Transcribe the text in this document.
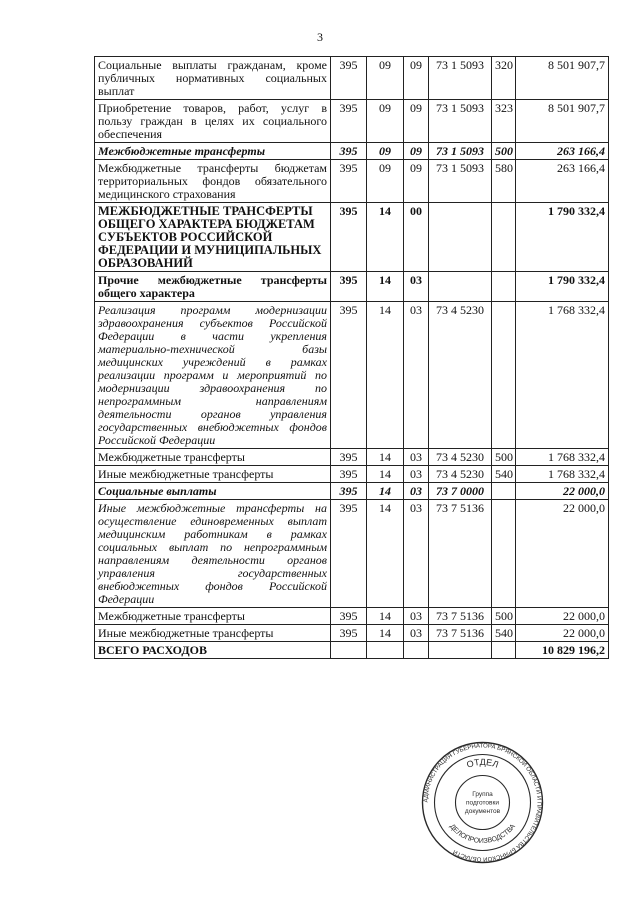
3
Социальные выплаты гражданам, кроме публичных нормативных социальных выплат	395	09	09	73 1 5093	320	8 501 907,7
Приобретение товаров, работ, услуг в пользу граждан в целях их социального обеспечения	395	09	09	73 1 5093	323	8 501 907,7
Межбюджетные трансферты	395	09	09	73 1 5093	500	263 166,4
Межбюджетные трансферты бюджетам территориальных фондов обязательного медицинского страхования	395	09	09	73 1 5093	580	263 166,4
МЕЖБЮДЖЕТНЫЕ ТРАНСФЕРТЫ ОБЩЕГО ХАРАКТЕРА БЮДЖЕТАМ СУБЪЕКТОВ РОССИЙСКОЙ ФЕДЕРАЦИИ И МУНИЦИПАЛЬНЫХ ОБРАЗОВАНИЙ	395	14	00			1 790 332,4
Прочие межбюджетные трансферты общего характера	395	14	03			1 790 332,4
Реализация программ модернизации здравоохранения субъектов Российской Федерации в части укрепления материально-технической базы медицинских учреждений в рамках реализации программ и мероприятий по модернизации здравоохранения по непрограммным направлениям деятельности органов управления государственных внебюджетных фондов Российской Федерации	395	14	03	73 4 5230		1 768 332,4
Межбюджетные трансферты	395	14	03	73 4 5230	500	1 768 332,4
Иные межбюджетные трансферты	395	14	03	73 4 5230	540	1 768 332,4
Социальные выплаты	395	14	03	73 7 0000		22 000,0
Иные межбюджетные трансферты на осуществление единовременных выплат медицинским работникам в рамках социальных выплат по непрограммным направлениям деятельности органов управления государственных внебюджетных фондов Российской Федерации	395	14	03	73 7 5136		22 000,0
Межбюджетные трансферты	395	14	03	73 7 5136	500	22 000,0
Иные межбюджетные трансферты	395	14	03	73 7 5136	540	22 000,0
ВСЕГО РАСХОДОВ						10 829 196,2
АДМИНИСТРАЦИЯ ГУБЕРНАТОРА БРЯНСКОЙ ОБЛАСТИ И ПРАВИТЕЛЬСТВА БРЯНСКОЙ ОБЛАСТИ
ОТДЕЛ
ДЕЛОПРОИЗВОДСТВА
Группа
подготовки
документов
